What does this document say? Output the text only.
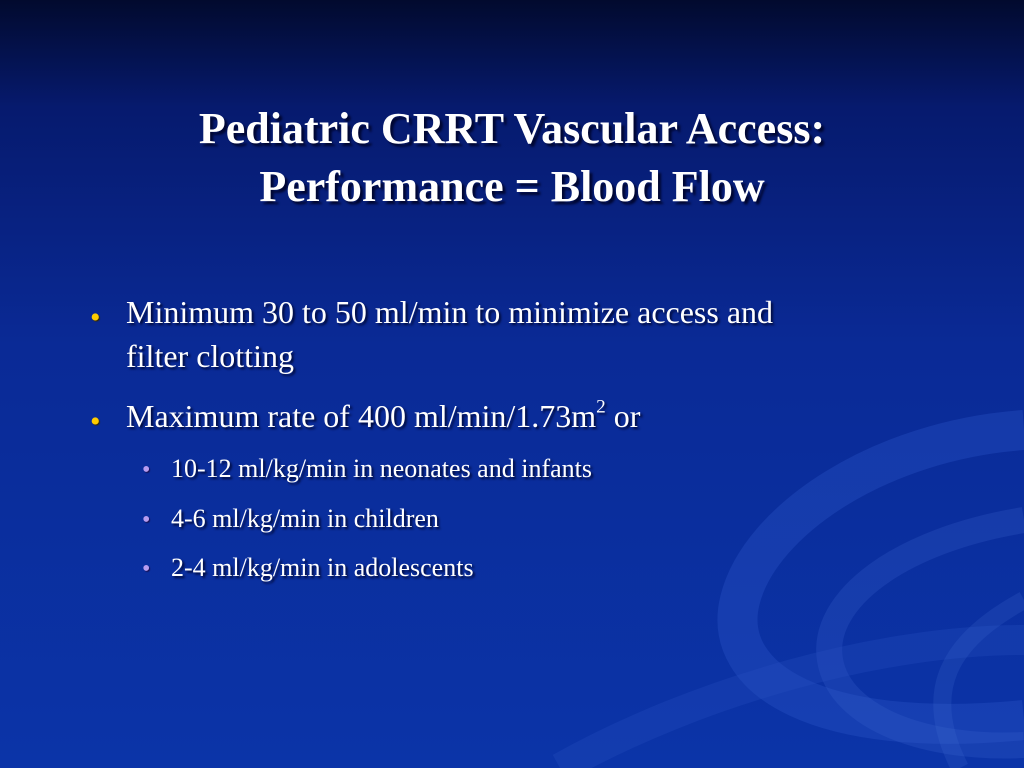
Pediatric CRRT Vascular Access:
Performance = Blood Flow
• Minimum 30 to 50 ml/min to minimize access and
filter clotting
• Maximum rate of 400 $ml/\min/1.73m^2$ or
• 10-12 ml/kg/min in neonates and infants
• 4-6 ml/kg/min in children
• 2-4 ml/kg/min in adolescents
